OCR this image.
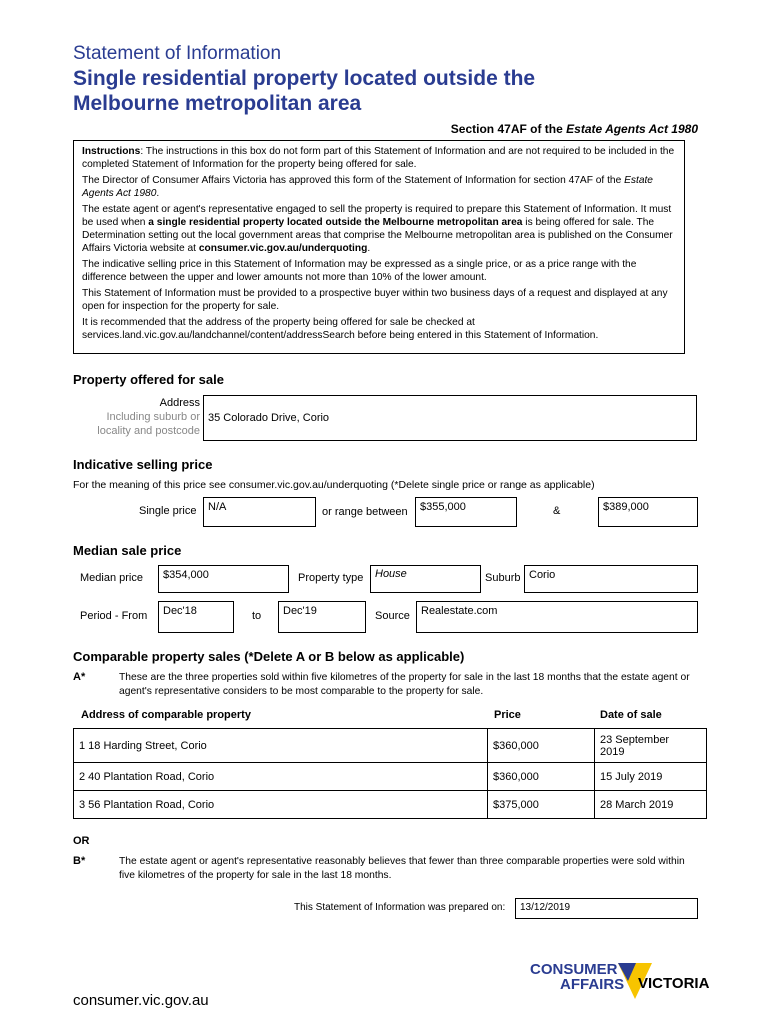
Statement of Information
Single residential property located outside the
Melbourne metropolitan area
Section 47AF of the Estate Agents Act 1980

Instructions: The instructions in this box do not form part of this Statement of Information and are not required to be included in the completed Statement of Information for the property being offered for sale.

The Director of Consumer Affairs Victoria has approved this form of the Statement of Information for section 47AF of the Estate Agents Act 1980.

The estate agent or agent's representative engaged to sell the property is required to prepare this Statement of Information. It must be used when a single residential property located outside the Melbourne metropolitan area is being offered for sale. The Determination setting out the local government areas that comprise the Melbourne metropolitan area is published on the Consumer Affairs Victoria website at consumer.vic.gov.au/underquoting.

The indicative selling price in this Statement of Information may be expressed as a single price, or as a price range with the difference between the upper and lower amounts not more than 10% of the lower amount.

This Statement of Information must be provided to a prospective buyer within two business days of a request and displayed at any open for inspection for the property for sale.

It is recommended that the address of the property being offered for sale be checked at services.land.vic.gov.au/landchannel/content/addressSearch before being entered in this Statement of Information.

Property offered for sale
Address
Including suburb or
locality and postcode
35 Colorado Drive, Corio
Indicative selling price
For the meaning of this price see consumer.vic.gov.au/underquoting (*Delete single price or range as applicable)
Single price	N/A	or range between	$355,000	&	$389,000
Median sale price
Median price	$354,000	Property type	House	Suburb Corio
Period - From	Dec'18	to	Dec'19	Source	Realestate.com
Comparable property sales (*Delete A or B below as applicable)
A*	These are the three properties sold within five kilometres of the property for sale in the last 18 months that the estate agent or agent's representative considers to be most comparable to the property for sale.
Address of comparable property	Price	Date of sale
1 18 Harding Street, Corio	$360,000	23 September
2019

2 40 Plantation Road, Corio	$360,000	15 July 2019
3 56 Plantation Road, Corio	$375,000	28 March 2019
OR
B*	The estate agent or agent's representative reasonably believes that fewer than three comparable properties were sold within five kilometres of the property for sale in the last 18 months.
This Statement of Information was prepared on:	13/12/2019
consumer.vic.gov.au
CONSUMER
AFFAIRS VICTORIA
